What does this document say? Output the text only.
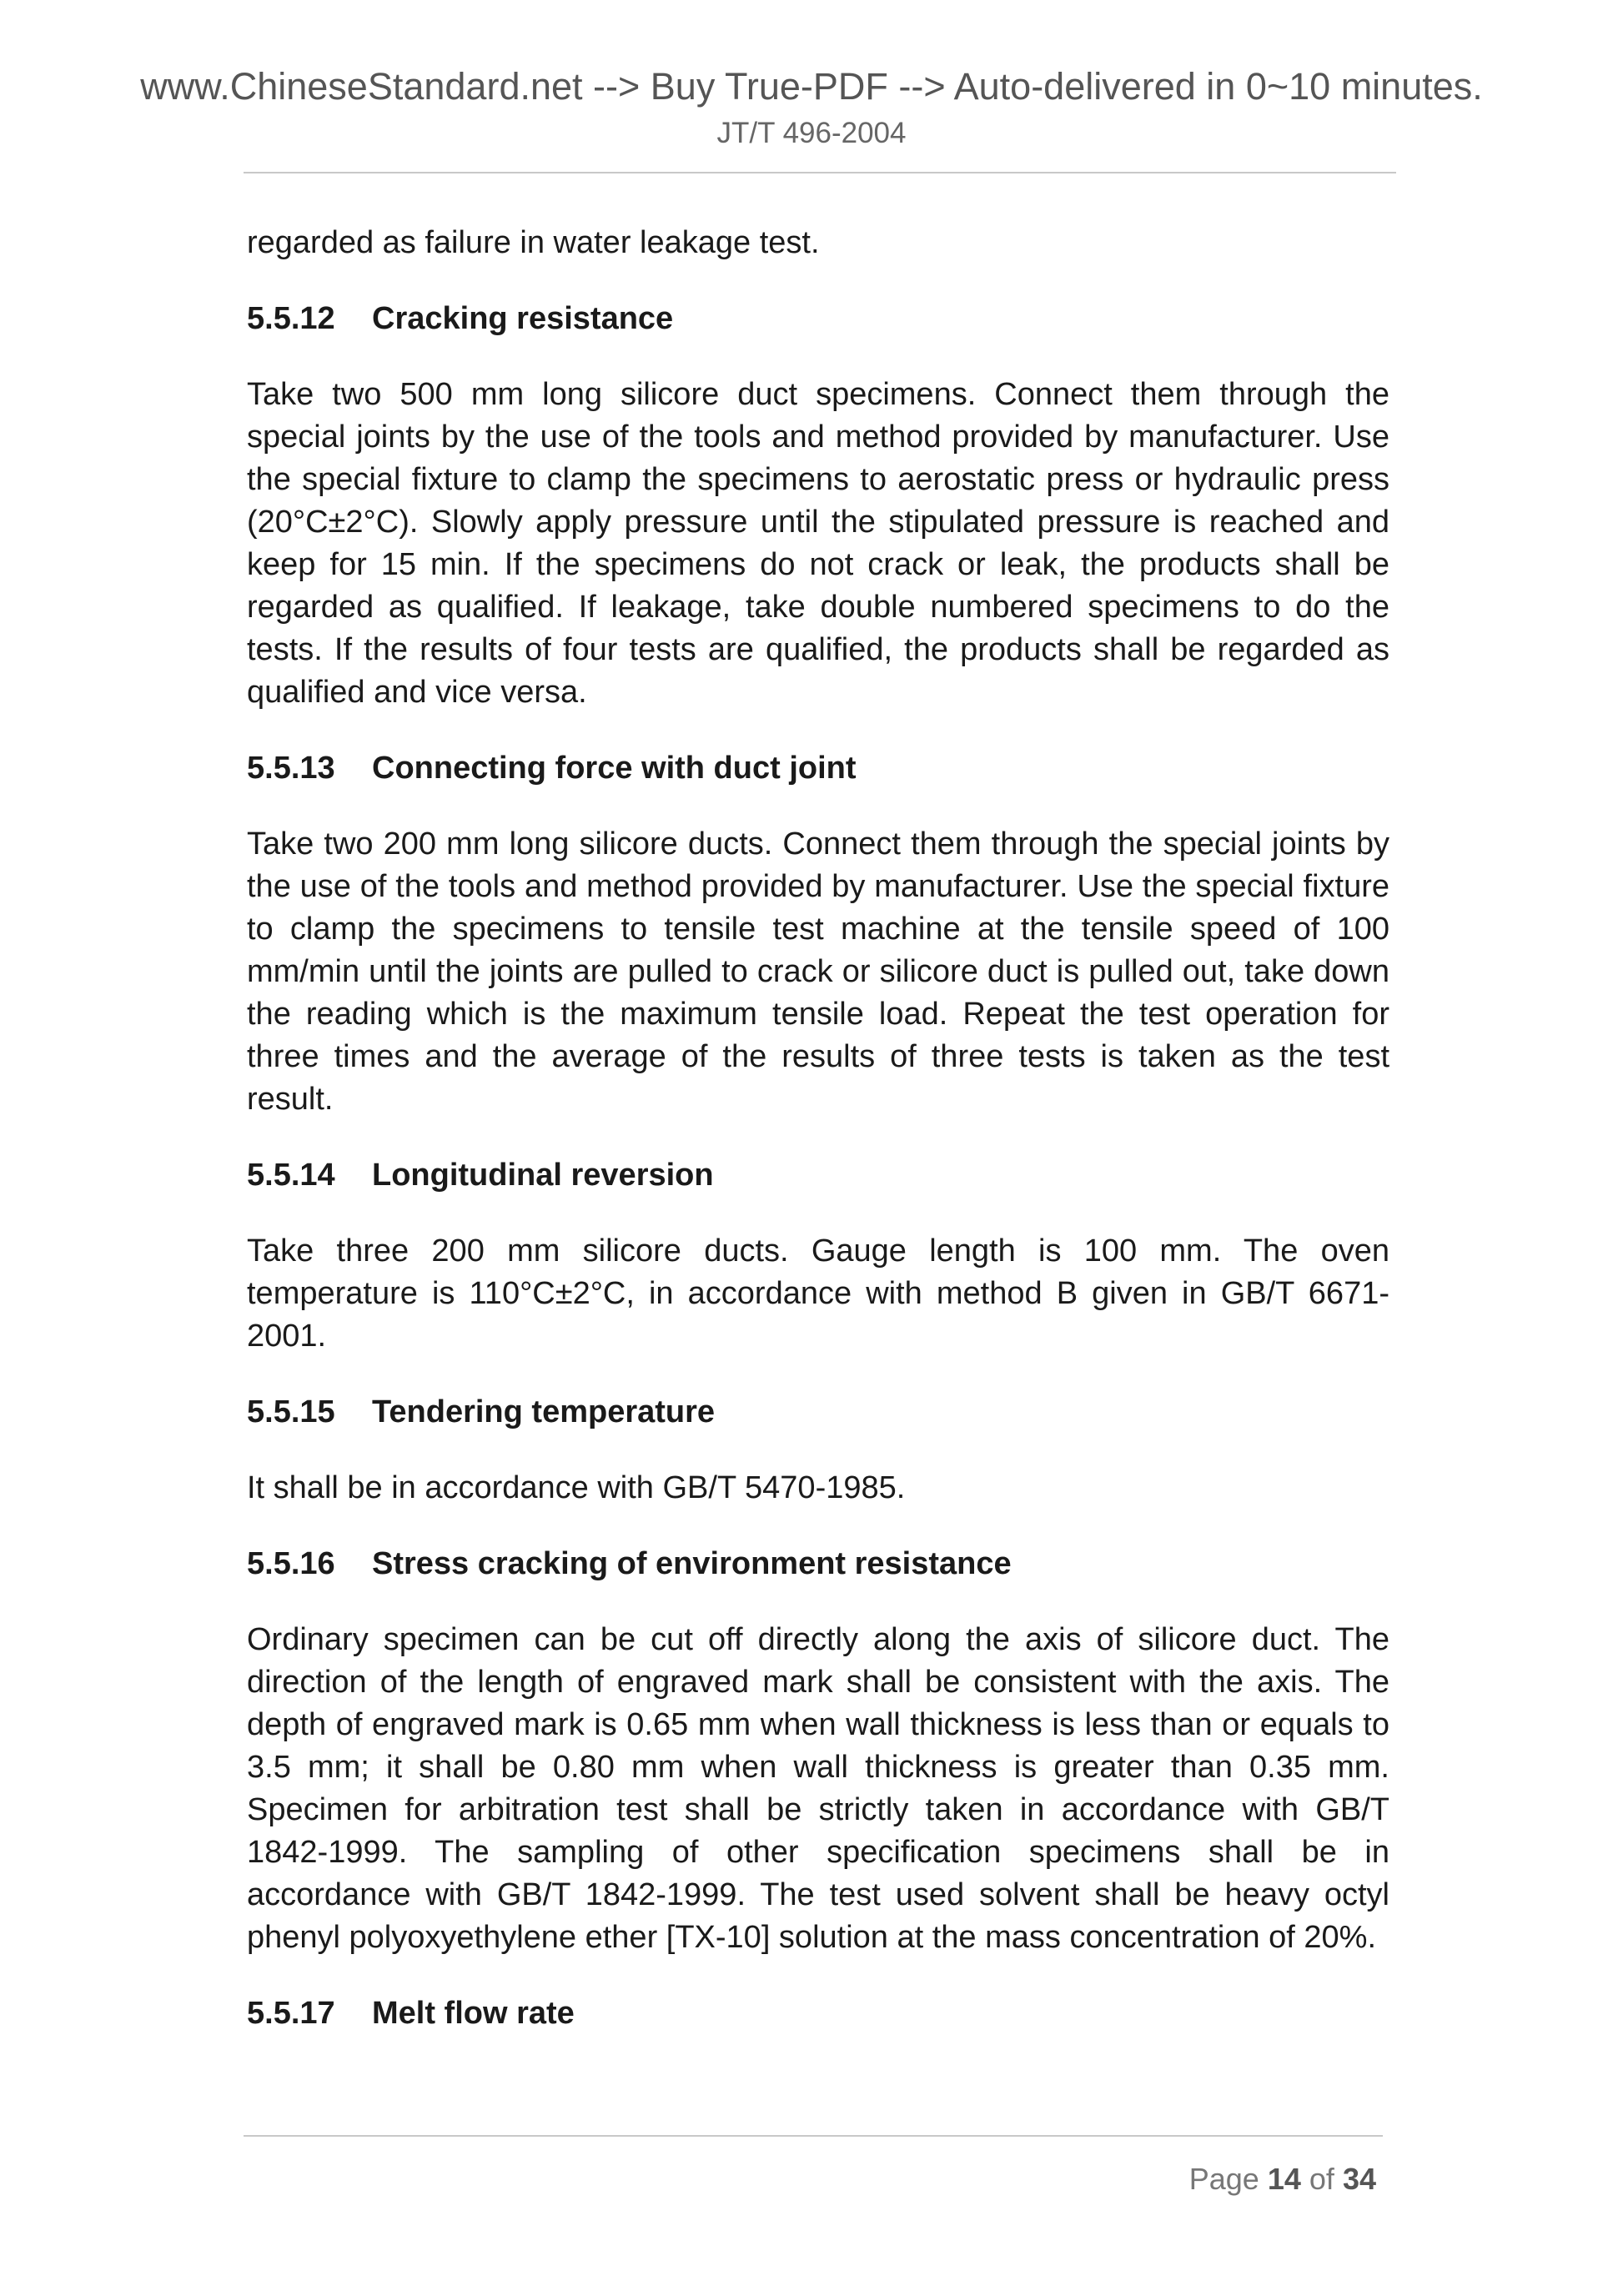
www.ChineseStandard.net --> Buy True-PDF --> Auto-delivered in 0~10 minutes.
JT/T 496-2004

regarded as failure in water leakage test.

5.5.12 Cracking resistance

Take two 500 mm long silicore duct specimens. Connect them through the special joints by the use of the tools and method provided by manufacturer. Use the special fixture to clamp the specimens to aerostatic press or hydraulic press (20°C±2°C). Slowly apply pressure until the stipulated pressure is reached and keep for 15 min. If the specimens do not crack or leak, the products shall be regarded as qualified. If leakage, take double numbered specimens to do the tests. If the results of four tests are qualified, the products shall be regarded as qualified and vice versa.

5.5.13 Connecting force with duct joint

Take two 200 mm long silicore ducts. Connect them through the special joints by the use of the tools and method provided by manufacturer. Use the special fixture to clamp the specimens to tensile test machine at the tensile speed of 100 mm/min until the joints are pulled to crack or silicore duct is pulled out, take down the reading which is the maximum tensile load. Repeat the test operation for three times and the average of the results of three tests is taken as the test result.

5.5.14 Longitudinal reversion

Take three 200 mm silicore ducts. Gauge length is 100 mm. The oven temperature is 110°C±2°C, in accordance with method B given in GB/T 6671-2001.

5.5.15 Tendering temperature

It shall be in accordance with GB/T 5470-1985.

5.5.16 Stress cracking of environment resistance

Ordinary specimen can be cut off directly along the axis of silicore duct. The direction of the length of engraved mark shall be consistent with the axis. The depth of engraved mark is 0.65 mm when wall thickness is less than or equals to 3.5 mm; it shall be 0.80 mm when wall thickness is greater than 0.35 mm. Specimen for arbitration test shall be strictly taken in accordance with GB/T 1842-1999. The sampling of other specification specimens shall be in accordance with GB/T 1842-1999. The test used solvent shall be heavy octyl phenyl polyoxyethylene ether [TX-10] solution at the mass concentration of 20%.

5.5.17 Melt flow rate
Page 14 of 34
